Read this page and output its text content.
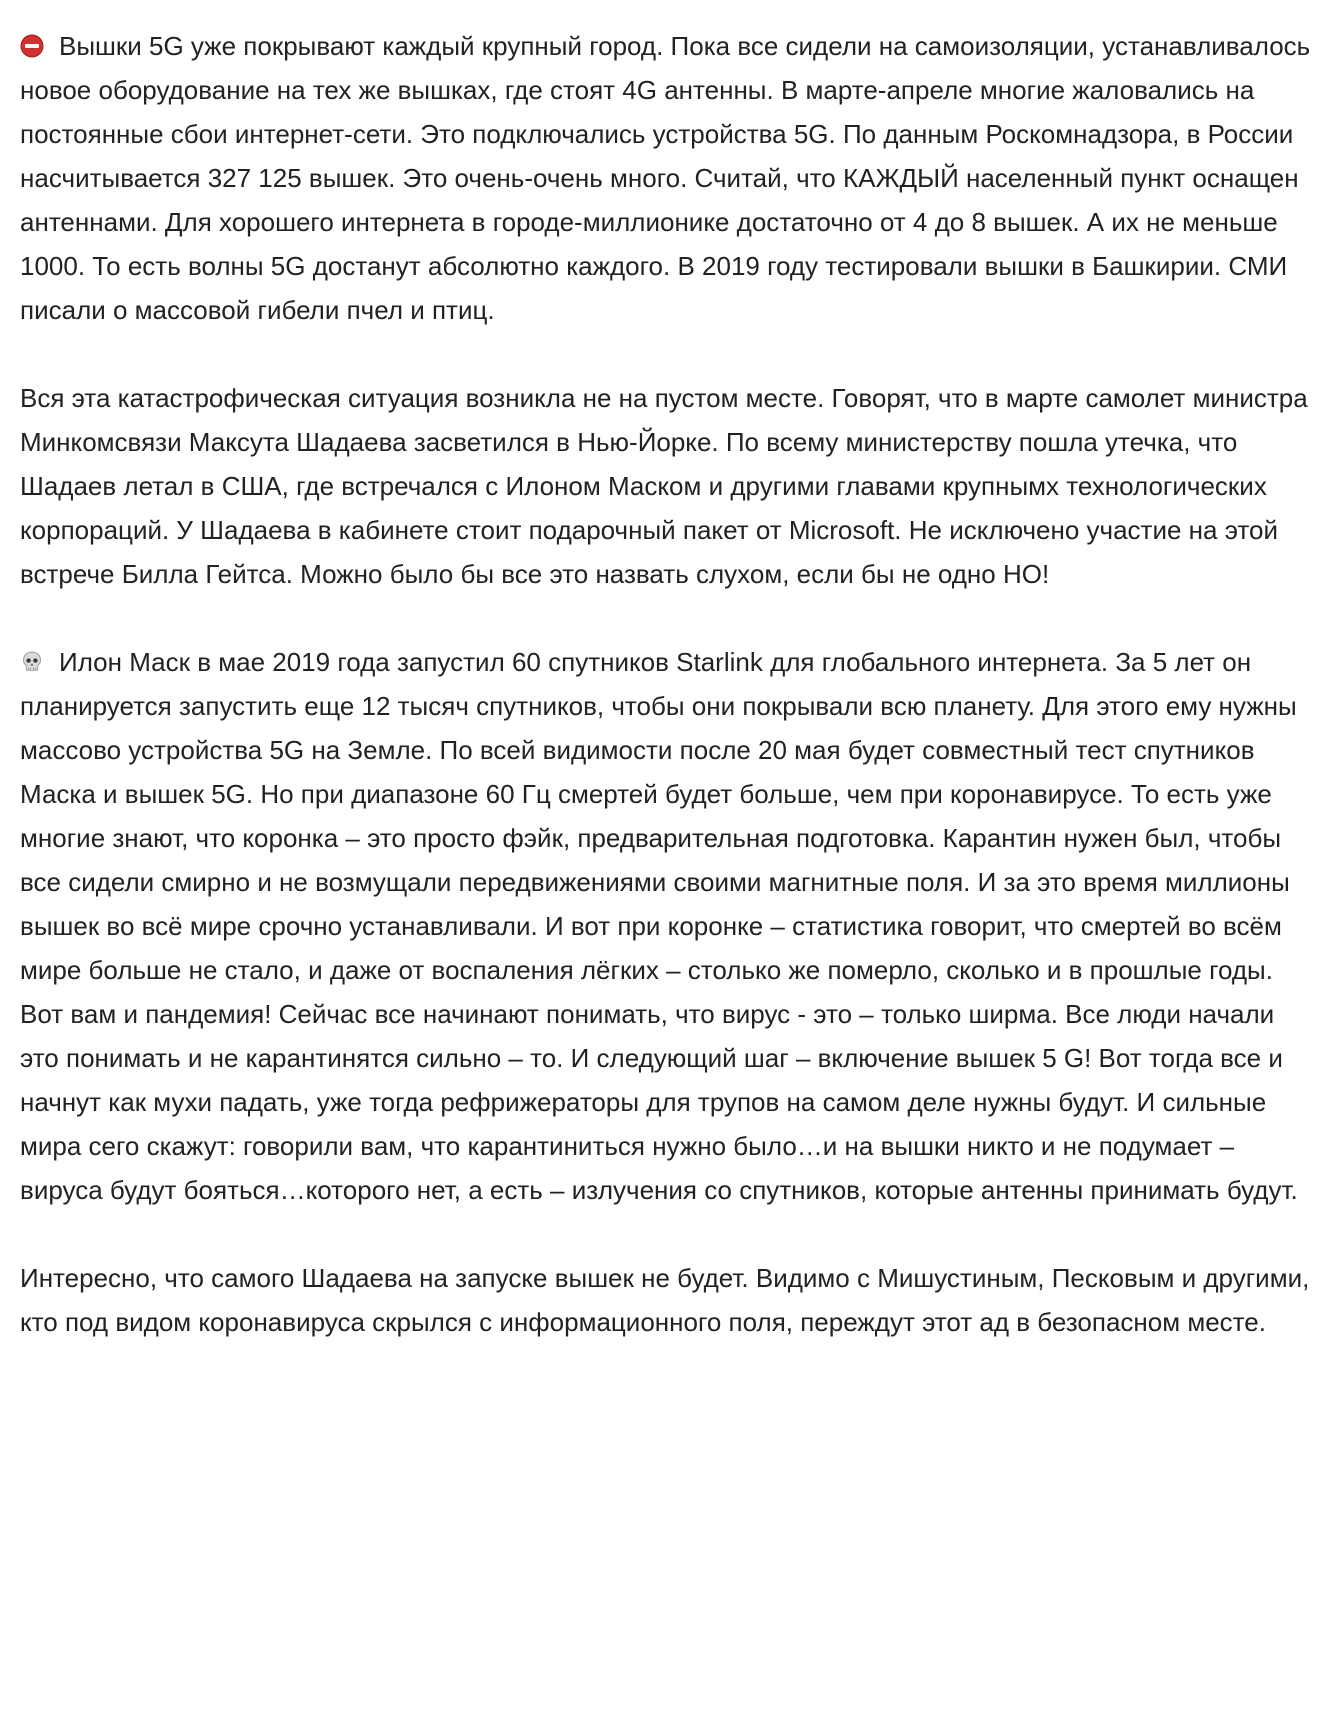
Вышки 5G уже покрывают каждый крупный город. Пока все сидели на самоизоляции, устанавливалось новое оборудование на тех же вышках, где стоят 4G антенны. В марте-апреле многие жаловались на постоянные сбои интернет-сети. Это подключались устройства 5G. По данным Роскомнадзора, в России насчитывается 327 125 вышек. Это очень-очень много. Считай, что КАЖДЫЙ населенный пункт оснащен антеннами. Для хорошего интернета в городе-миллионике достаточно от 4 до 8 вышек. А их не меньше 1000. То есть волны 5G достанут абсолютно каждого. В 2019 году тестировали вышки в Башкирии. СМИ писали о массовой гибели пчел и птиц.

Вся эта катастрофическая ситуация возникла не на пустом месте. Говорят, что в марте самолет министра Минкомсвязи Максута Шадаева засветился в Нью-Йорке. По всему министерству пошла утечка, что Шадаев летал в США, где встречался с Илоном Маском и другими главами крупнымх технологических корпораций. У Шадаева в кабинете стоит подарочный пакет от Microsoft. Не исключено участие на этой встрече Билла Гейтса. Можно было бы все это назвать слухом, если бы не одно НО!

Илон Маск в мае 2019 года запустил 60 спутников Starlink для глобального интернета. За 5 лет он планируется запустить еще 12 тысяч спутников, чтобы они покрывали всю планету. Для этого ему нужны массово устройства 5G на Земле. По всей видимости после 20 мая будет совместный тест спутников Маска и вышек 5G. Но при диапазоне 60 Гц смертей будет больше, чем при коронавирусе. То есть уже многие знают, что коронка – это просто фэйк, предварительная подготовка. Карантин нужен был, чтобы все сидели смирно и не возмущали передвижениями своими магнитные поля. И за это время миллионы вышек во всё мире срочно устанавливали. И вот при коронке – статистика говорит, что смертей во всём мире больше не стало, и даже от воспаления лёгких – столько же померло, сколько и в прошлые годы. Вот вам и пандемия! Сейчас все начинают понимать, что вирус - это – только ширма. Все люди начали это понимать и не карантинятся сильно – то. И следующий шаг – включение вышек 5 G! Вот тогда все и начнут как мухи падать, уже тогда рефрижераторы для трупов на самом деле нужны будут. И сильные мира сего скажут: говорили вам, что карантиниться нужно было…и на вышки никто и не подумает – вируса будут бояться…которого нет, а есть – излучения со спутников, которые антенны принимать будут.

Интересно, что самого Шадаева на запуске вышек не будет. Видимо с Мишустиным, Песковым и другими, кто под видом коронавируса скрылся с информационного поля, переждут этот ад в безопасном месте.
